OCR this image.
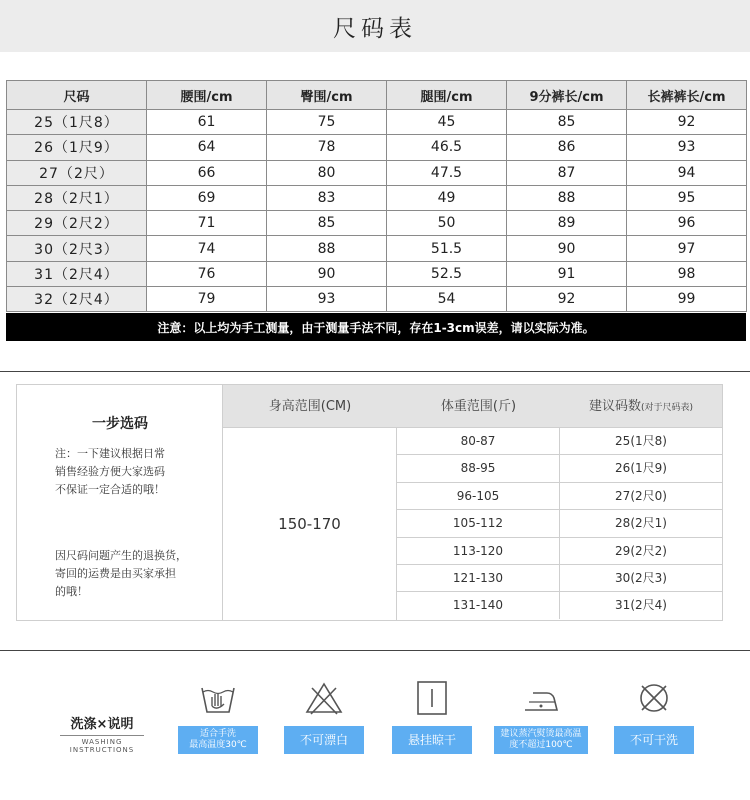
尺码表
尺码	腰围/cm	臀围/cm	腿围/cm	9分裤长/cm	长裤裤长/cm
25（1尺8）	61	75	45	85	92
26（1尺9）	64	78	46.5	86	93
27（2尺）	66	80	47.5	87	94
28（2尺1）	69	83	49	88	95
29（2尺2）	71	85	50	89	96
30（2尺3）	74	88	51.5	90	97
31（2尺4）	76	90	52.5	91	98
32（2尺4）	79	93	54	92	99
注意：以上均为手工测量，由于测量手法不同，存在1-3cm误差，请以实际为准。
一步选码
注：一下建议根据日常
销售经验方便大家选码
不保证一定合适的哦！
因尺码问题产生的退换货，
寄回的运费是由买家承担
的哦！
身高范围(CM)	体重范围(斤)	建议码数(对于尺码表)
150-170
80-87	25(1尺8)
88-95	26(1尺9)
96-105	27(2尺0)
105-112	28(2尺1)
113-120	29(2尺2)
121-130	30(2尺3)
131-140	31(2尺4)
洗涤×说明
WASHING
INSTRUCTIONS
适合手洗
最高温度30℃	不可漂白	悬挂晾干	建议蒸汽熨烫最高温
度不超过100℃	不可干洗
